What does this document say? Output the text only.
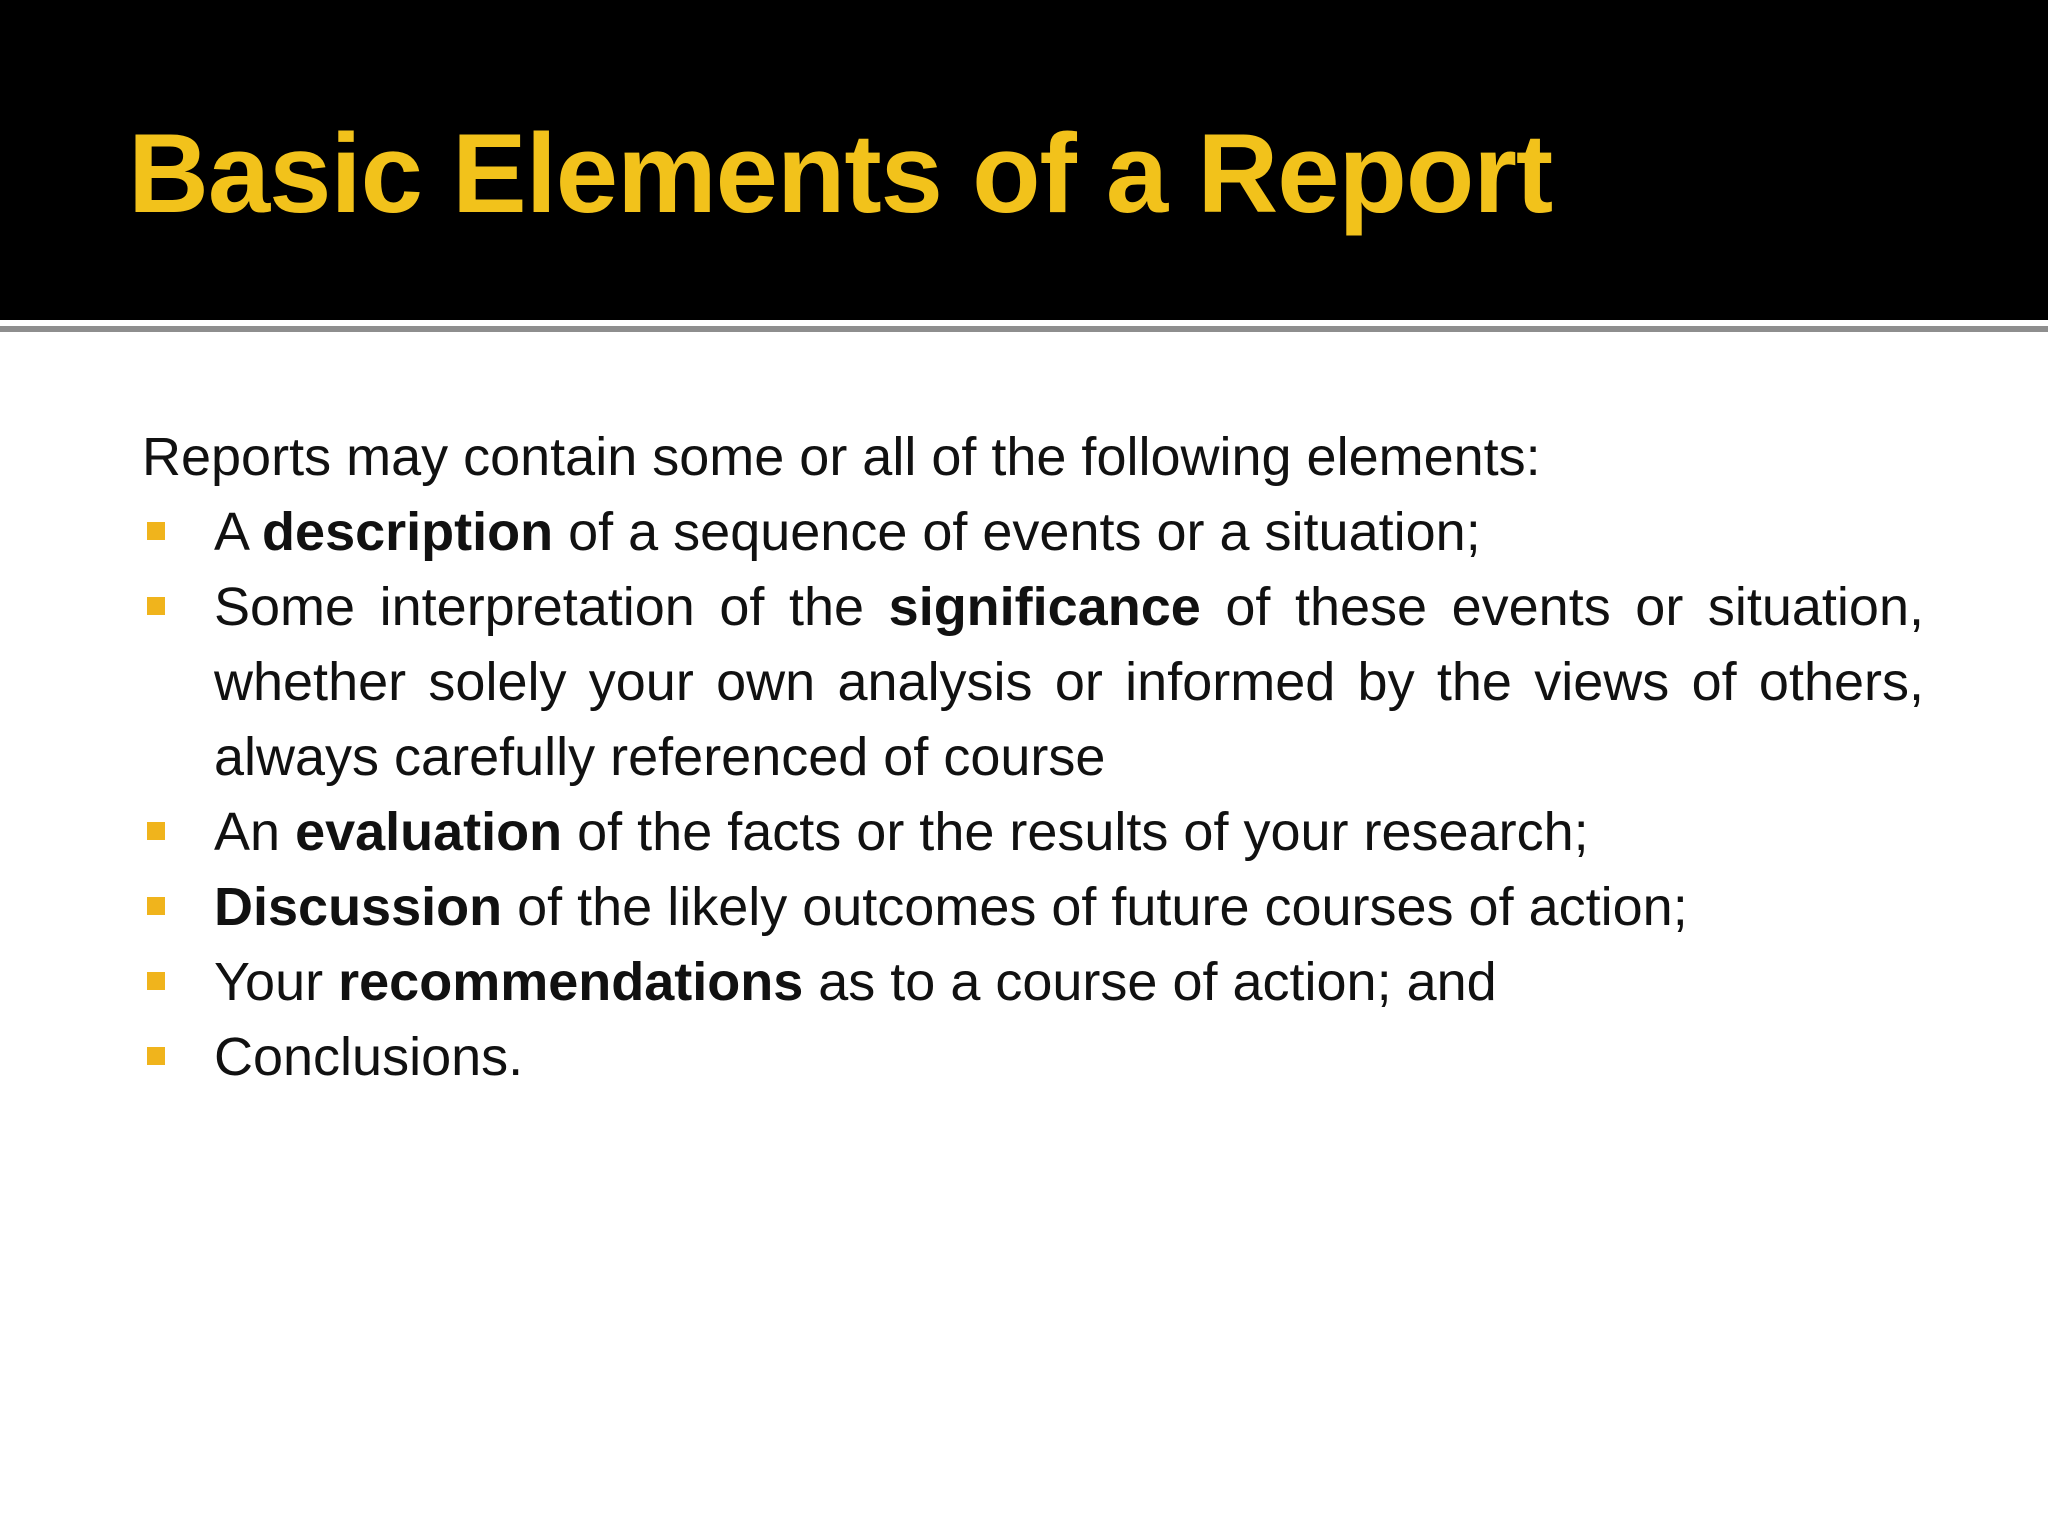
Basic Elements of a Report

Reports may contain some or all of the following elements:

A description of a sequence of events or a situation;
Some interpretation of the significance of these events or situation, whether solely your own analysis or informed by the views of others, always carefully referenced of course
An evaluation of the facts or the results of your research;
Discussion of the likely outcomes of future courses of action;
Your recommendations as to a course of action; and
Conclusions.
